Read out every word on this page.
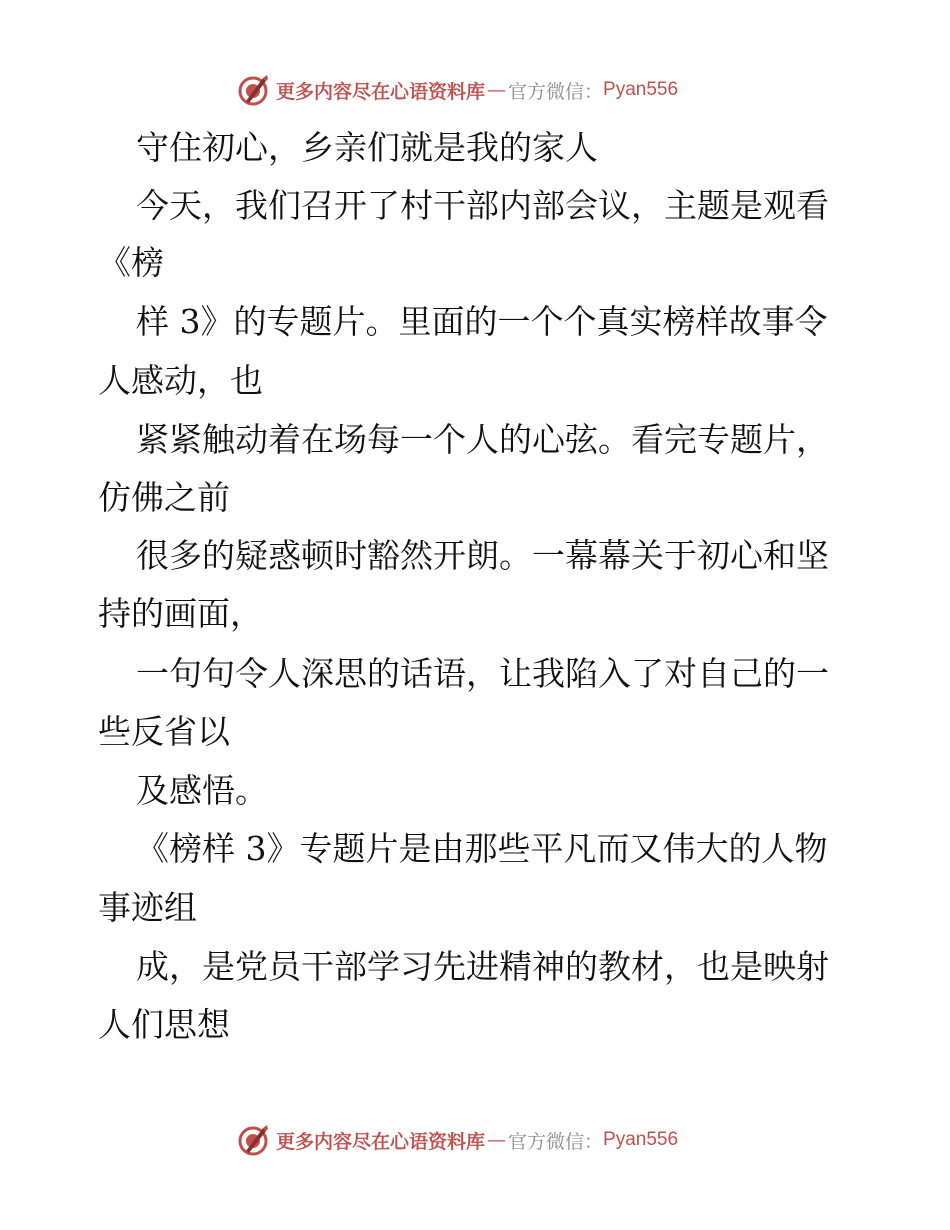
更多内容尽在心语资料库 — 官方微信： Pyan556
守住初心，乡亲们就是我的家人
今天，我们召开了村干部内部会议，主题是观看
《榜
样 3》的专题片。里面的一个个真实榜样故事令
人感动，也
紧紧触动着在场每一个人的心弦。看完专题片，
仿佛之前
很多的疑惑顿时豁然开朗。一幕幕关于初心和坚
持的画面，
一句句令人深思的话语，让我陷入了对自己的一
些反省以
及感悟。
《榜样 3》专题片是由那些平凡而又伟大的人物
事迹组
成，是党员干部学习先进精神的教材，也是映射
人们思想
更多内容尽在心语资料库 — 官方微信： Pyan556
